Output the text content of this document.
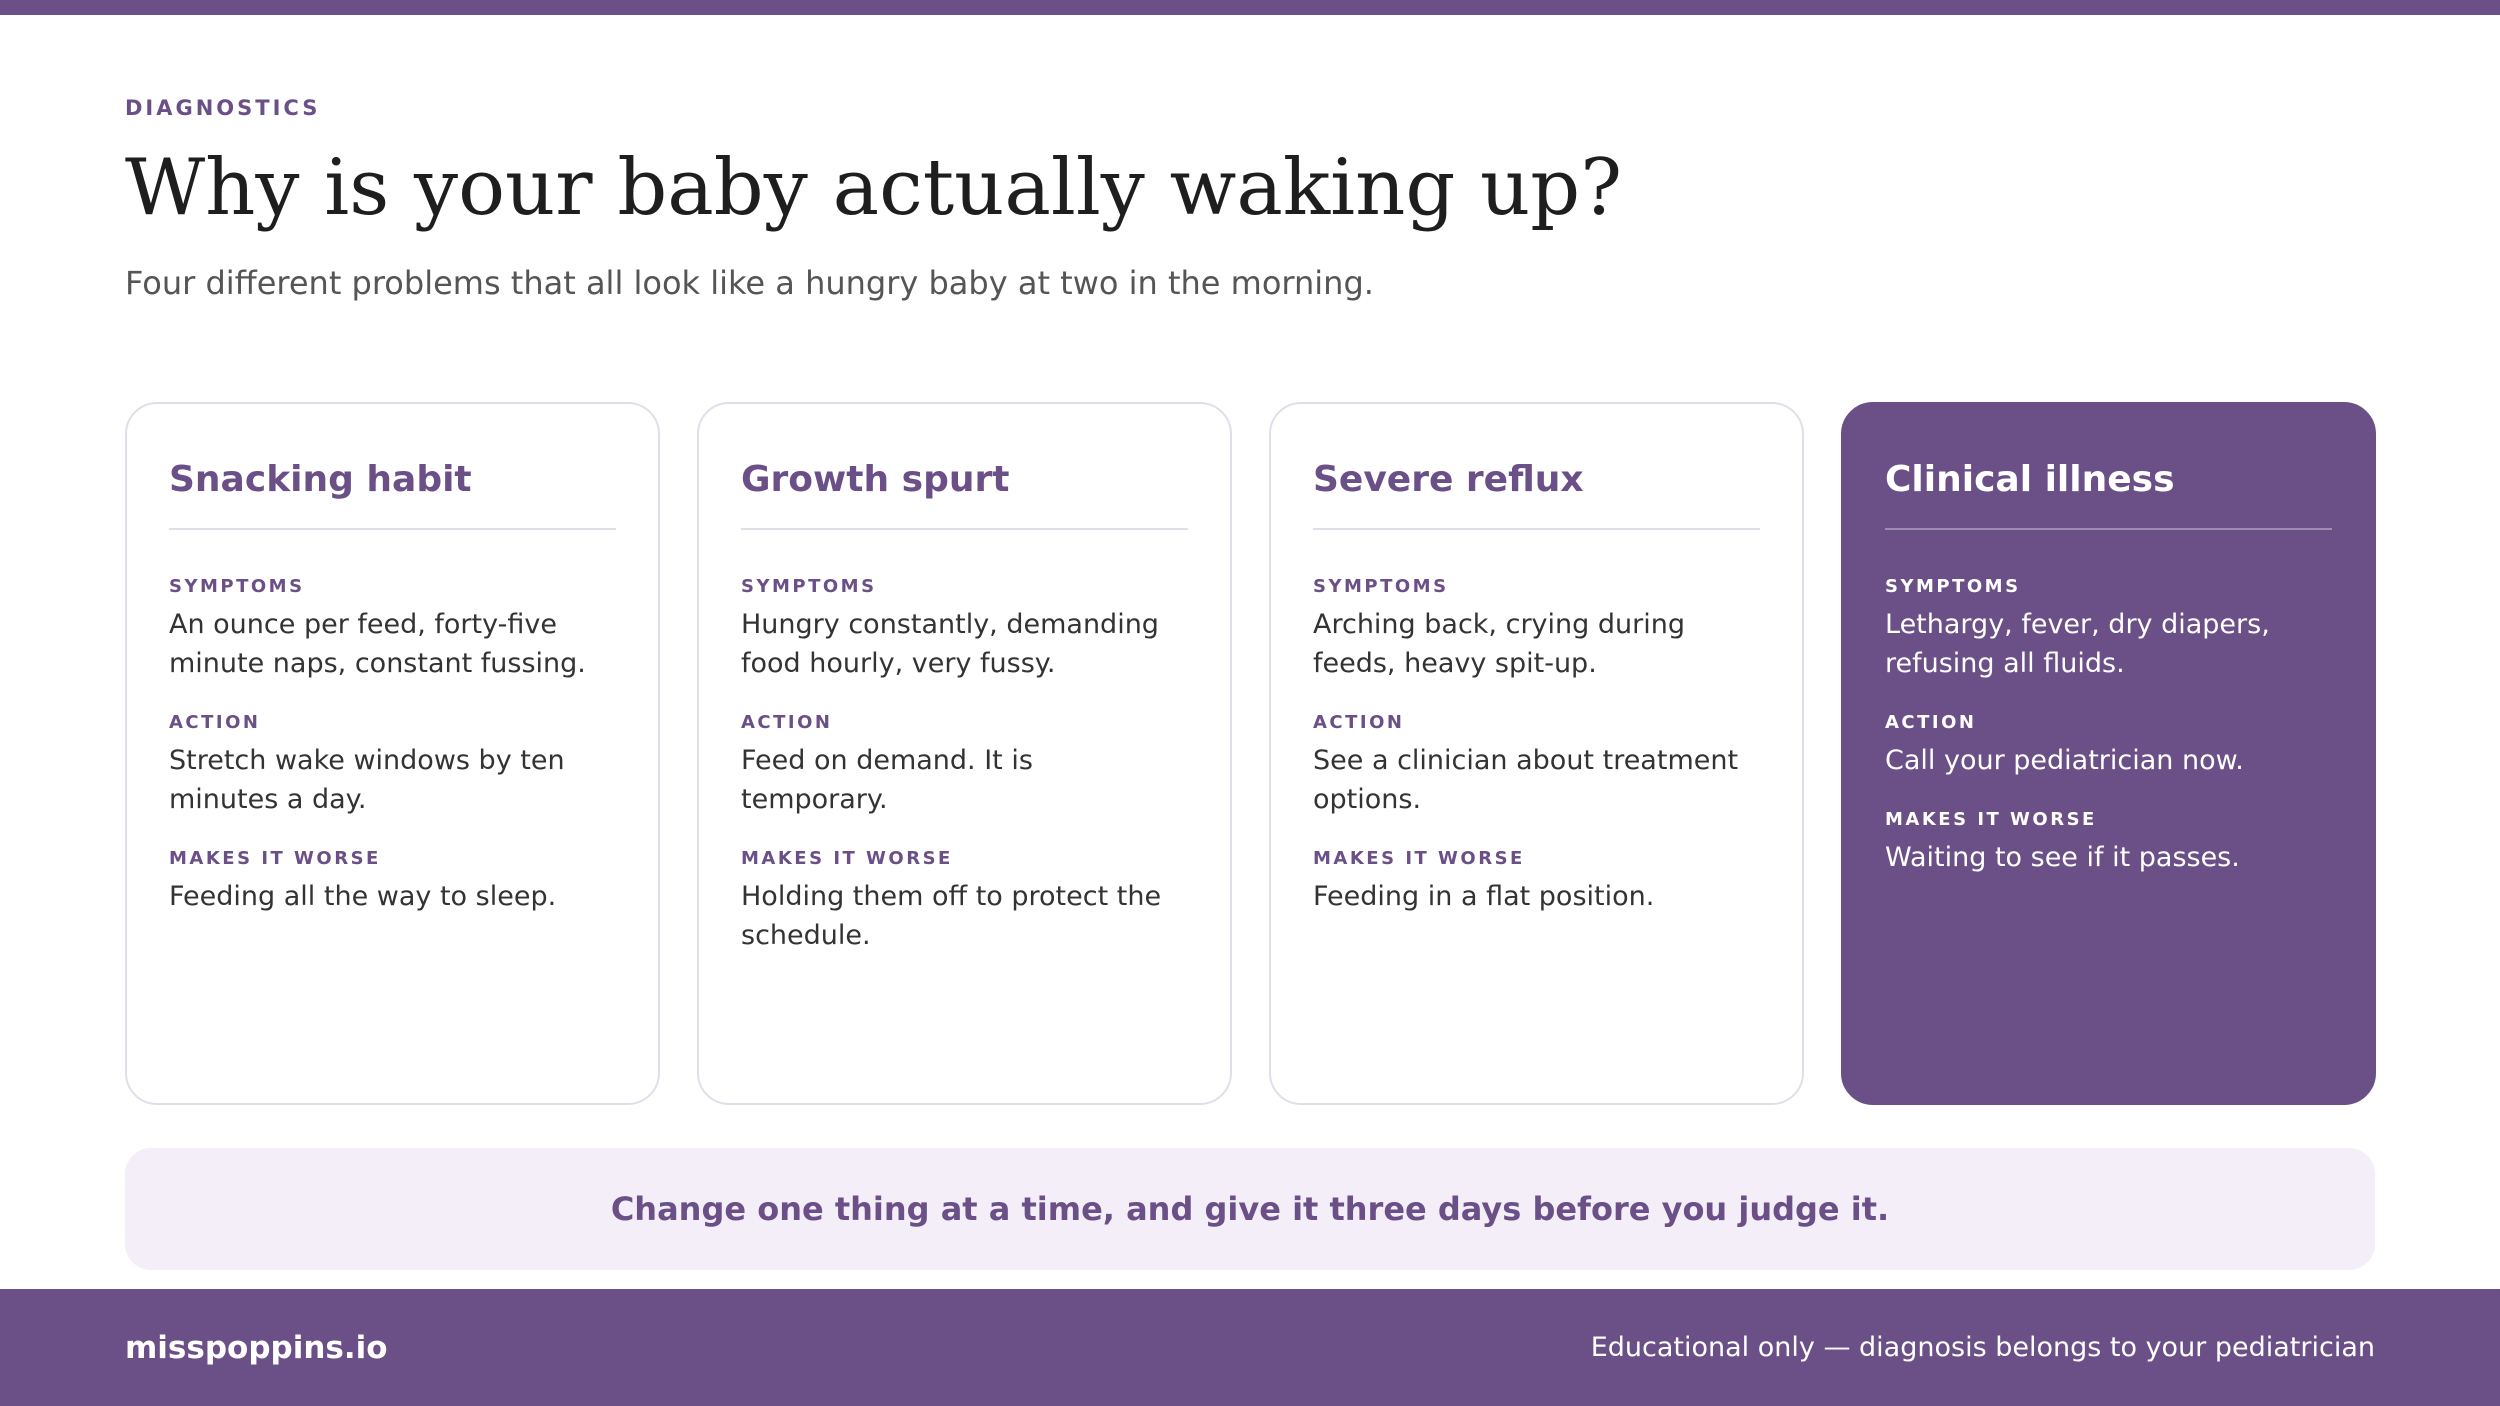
DIAGNOSTICS
Why is your baby actually waking up?
Four different problems that all look like a hungry baby at two in the morning.
Snacking habit
SYMPTOMS
An ounce per feed, forty-five minute naps, constant fussing.
ACTION
Stretch wake windows by ten minutes a day.
MAKES IT WORSE
Feeding all the way to sleep.
Growth spurt
SYMPTOMS
Hungry constantly, demanding food hourly, very fussy.
ACTION
Feed on demand. It is temporary.
MAKES IT WORSE
Holding them off to protect the schedule.
Severe reflux
SYMPTOMS
Arching back, crying during feeds, heavy spit-up.
ACTION
See a clinician about treatment options.
MAKES IT WORSE
Feeding in a flat position.
Clinical illness
SYMPTOMS
Lethargy, fever, dry diapers, refusing all fluids.
ACTION
Call your pediatrician now.
MAKES IT WORSE
Waiting to see if it passes.
Change one thing at a time, and give it three days before you judge it.
misspoppins.io	Educational only — diagnosis belongs to your pediatrician
